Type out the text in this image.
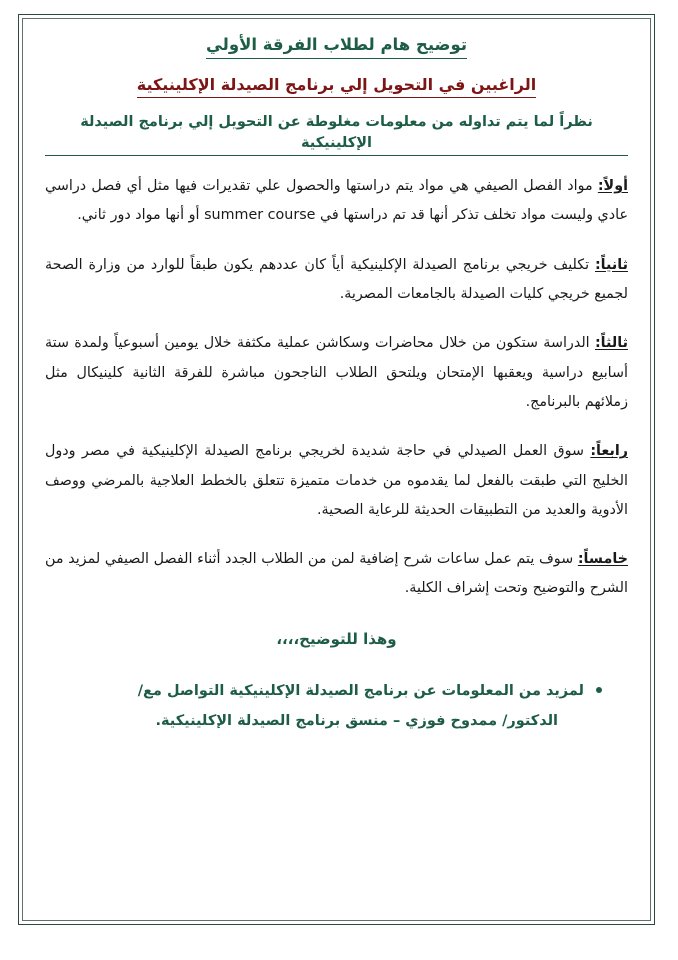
توضيح هام لطلاب الفرقة الأولي
الراغبين في التحويل إلي برنامج الصيدلة الإكلينيكية
نظراً لما يتم تداوله من معلومات مغلوطة عن التحويل إلي برنامج الصيدلة الإكلينيكية

أولاً: مواد الفصل الصيفي هي مواد يتم دراستها والحصول علي تقديرات فيها مثل أي فصل دراسي عادي وليست مواد تخلف تذكر أنها قد تم دراستها في summer course أو أنها مواد دور ثاني.

ثانياً: تكليف خريجي برنامج الصيدلة الإكلينيكية أياً كان عددهم يكون طبقاً للوارد من وزارة الصحة لجميع خريجي كليات الصيدلة بالجامعات المصرية.

ثالثاً: الدراسة ستكون من خلال محاضرات وسكاشن عملية مكثفة خلال يومين أسبوعياً ولمدة ستة أسابيع دراسية ويعقبها الإمتحان ويلتحق الطلاب الناجحون مباشرة للفرقة الثانية كلينيكال مثل زملائهم بالبرنامج.

رابعاً: سوق العمل الصيدلي في حاجة شديدة لخريجي برنامج الصيدلة الإكلينيكية في مصر ودول الخليج التي طبقت بالفعل لما يقدموه من خدمات متميزة تتعلق بالخطط العلاجية بالمرضي ووصف الأدوية والعديد من التطبيقات الحديثة للرعاية الصحية.

خامساً: سوف يتم عمل ساعات شرح إضافية لمن من الطلاب الجدد أثناء الفصل الصيفي لمزيد من الشرح والتوضيح وتحت إشراف الكلية.

وهذا للتوضيح،،،،
لمزيد من المعلومات عن برنامج الصيدلة الإكلينيكية التواصل مع/
الدكتور/ ممدوح فوزي – منسق برنامج الصيدلة الإكلينيكية.
